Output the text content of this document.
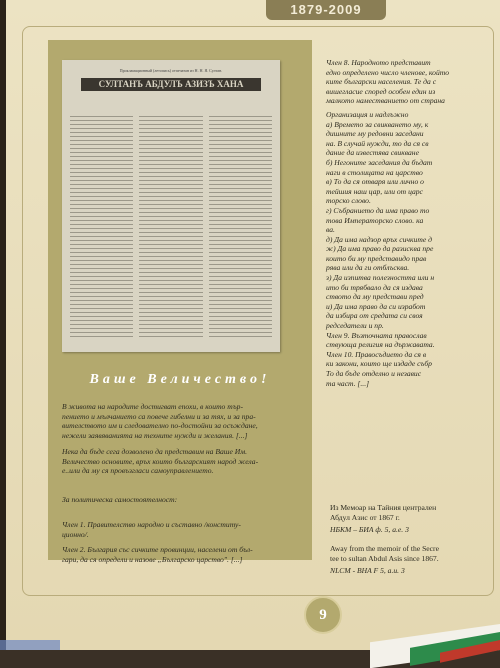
1879-2009
Прокламационный (летопись) отпечатан из Н. Н. Я. Султан.
СУЛТАНЪ АБДУЛЪ АЗИЗЪ ХАНА
Ваше Величество!
В живота на народите достигват епохи, в които тър-
пението и мълчанието са повече гибелни и за тях, и за пра-
вителството им и следователно по-достойни за осъждане,
нежели заявяванията на техните нужди и желания. [...]
Нека да бъде сега дозволено да представим на Ваше Им.
Величество основите, връх които българският народ жела-
е..или да му ся провъзгласи самоуправлението.
За политическа самостоятелност:
Член 1. Правителство народно и съставно /конститу-
ционно/.
Член 2. България със сичките провинции, населени от бъл-
гари, да ся определи и назове „Българско царство". [...]

Член 8. Народното представит

едно определено число членове, който

ките български населения. Те да с

вишегласие според особен един из

малкото наместванието от страна

Организация и надлъжно

а) Времето за свикването му, к

дишните му редовни заседани

на. В случай нужди, то да ся св

дание да известява свикване

б) Негоните заседания да бъдат

наги в столицата на царство

в) То да ся отваря или лично о

тейшия наш цар, или от царс

торско слово.

г) Събранието да има право то

това Императорско слово. ка

ва.

д) Да има надзор връх сичките д

ж) Да има право да разисква пре

които би му представидо прав

рява или да ги отблъсква.

з) Да изпитва полезността или н

ито би трябвало да ся издава

ството да му представи пред

и) Да има право да си изработ

да избира от средата си своя

редседатели и пр.

Член 9. Възточната православ

ствующа религия на държавата.

Член 10. Правосъдието да ся в

ки закони, които ще издаде събр

То да бъде отделно и независ

та част. [...]

Из Мемоар на Тайния централен
Абдул Азис от 1867 г.
НБКМ – БИА ф. 5, а.е. 3
Away from the memoir of the Secre
tee to sultan Abdul Asis since 1867.
NLCM - BHA F 5, a.u. 3
9
